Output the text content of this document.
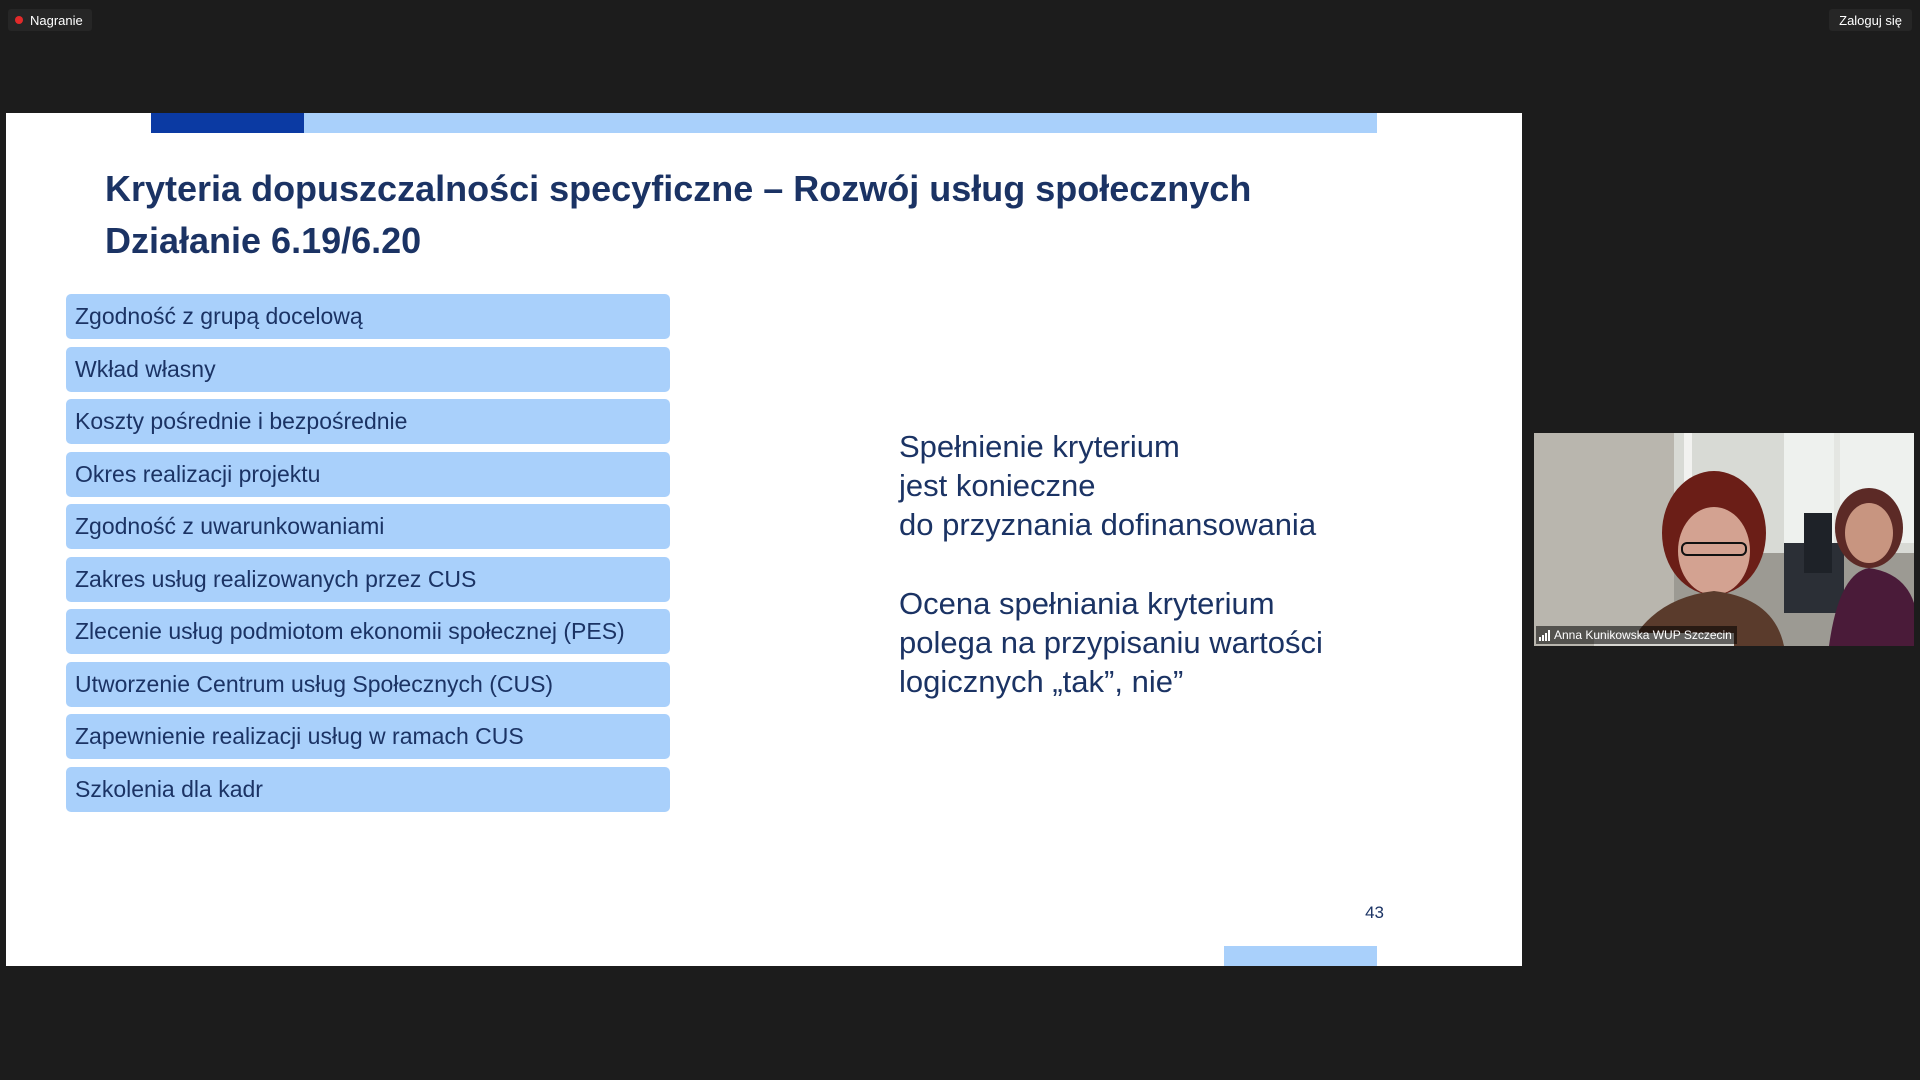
Nagranie	Zaloguj się
Kryteria dopuszczalności specyficzne – Rozwój usług społecznych
Działanie 6.19/6.20
Zgodność z grupą docelową
Wkład własny
Koszty pośrednie i bezpośrednie
Okres realizacji projektu
Zgodność z uwarunkowaniami
Zakres usług realizowanych przez CUS
Zlecenie usług podmiotom ekonomii społecznej (PES)
Utworzenie Centrum usług Społecznych (CUS)
Zapewnienie realizacji usług w ramach CUS
Szkolenia dla kadr
Spełnienie kryterium
jest konieczne
do przyznania dofinansowania
Ocena spełniania kryterium
polega na przypisaniu wartości
logicznych „tak”, nie”
43
Anna Kunikowska WUP Szczecin
